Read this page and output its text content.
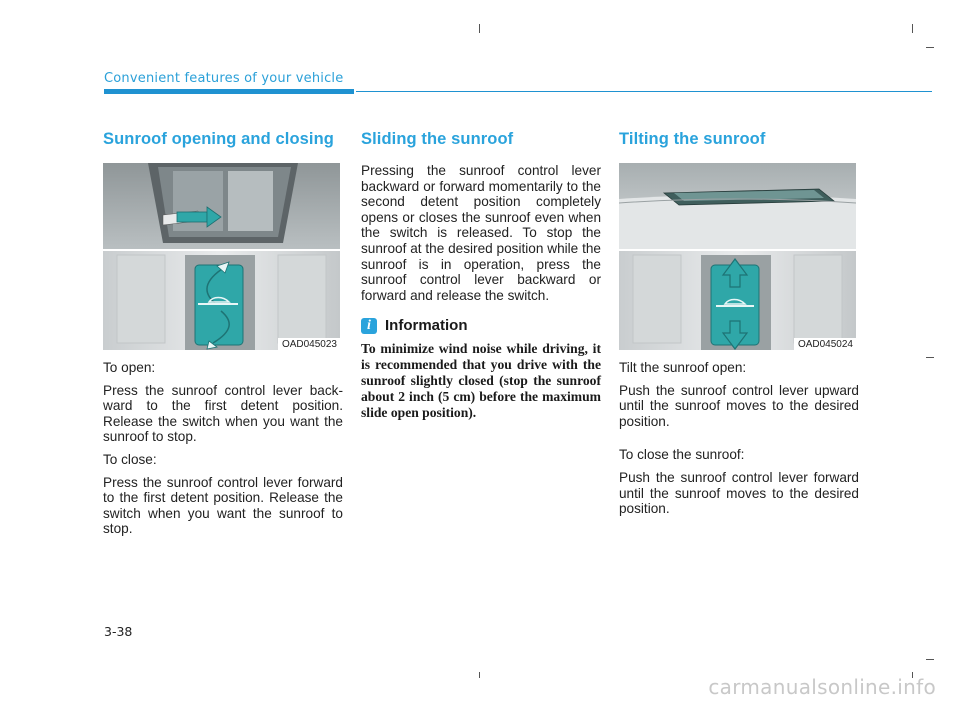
Convenient features of your vehicle
Sunroof opening and closing
OAD045023

To open:

Press the sunroof control lever back-ward to the first detent position. Release the switch when you want the sunroof to stop.

To close:

Press the sunroof control lever forward to the first detent position. Release the switch when you want the sunroof to stop.

Sliding the sunroof

Pressing the sunroof control lever backward or forward momentarily to the second detent position completely opens or closes the sunroof even when the switch is released. To stop the sunroof at the desired position while the sunroof is in operation, press the sunroof control lever backward or forward and release the switch.

i Information

To minimize wind noise while driving, it is recommended that you drive with the sunroof slightly closed (stop the sunroof about 2 inch (5 cm) before the maximum slide open position).

Tilting the sunroof
OAD045024

Tilt the sunroof open:

Push the sunroof control lever upward until the sunroof moves to the desired position.

To close the sunroof:

Push the sunroof control lever forward until the sunroof moves to the desired position.

3-38
carmanualsonline.info
